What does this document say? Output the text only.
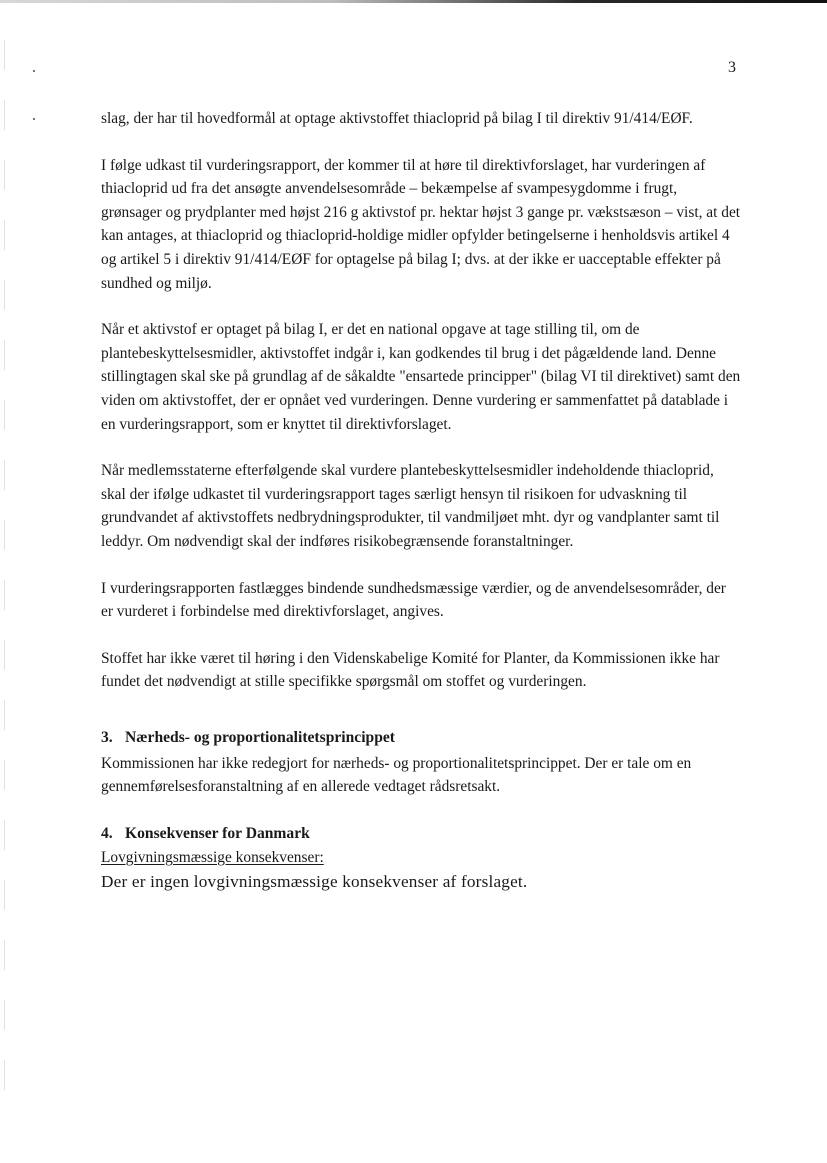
3

slag, der har til hovedformål at optage aktivstoffet thiacloprid på bilag I til direktiv 91/414/EØF.

I følge udkast til vurderingsrapport, der kommer til at høre til direktivforslaget, har vurderingen af thiacloprid ud fra det ansøgte anvendelsesområde – bekæmpelse af svampesygdomme i frugt, grønsager og prydplanter med højst 216 g aktivstof pr. hektar højst 3 gange pr. vækstsæson – vist, at det kan antages, at thiacloprid og thiacloprid-holdige midler opfylder betingelserne i henholdsvis artikel 4 og artikel 5 i direktiv 91/414/EØF for optagelse på bilag I; dvs. at der ikke er uacceptable effekter på sundhed og miljø.

Når et aktivstof er optaget på bilag I, er det en national opgave at tage stilling til, om de plantebeskyttelsesmidler, aktivstoffet indgår i, kan godkendes til brug i det pågældende land. Denne stillingtagen skal ske på grundlag af de såkaldte "ensartede principper" (bilag VI til direktivet) samt den viden om aktivstoffet, der er opnået ved vurderingen. Denne vurdering er sammenfattet på datablade i en vurderingsrapport, som er knyttet til direktivforslaget.

Når medlemsstaterne efterfølgende skal vurdere plantebeskyttelsesmidler indeholdende thiacloprid, skal der ifølge udkastet til vurderingsrapport tages særligt hensyn til risikoen for udvaskning til grundvandet af aktivstoffets nedbrydningsprodukter, til vandmiljøet mht. dyr og vandplanter samt til leddyr. Om nødvendigt skal der indføres risikobegrænsende foranstaltninger.

I vurderingsrapporten fastlægges bindende sundhedsmæssige værdier, og de anvendelsesområder, der er vurderet i forbindelse med direktivforslaget, angives.

Stoffet har ikke været til høring i den Videnskabelige Komité for Planter, da Kommissionen ikke har fundet det nødvendigt at stille specifikke spørgsmål om stoffet og vurderingen.

3. Nærheds- og proportionalitetsprincippet

Kommissionen har ikke redegjort for nærheds- og proportionalitetsprincippet. Der er tale om en gennemførelsesforanstaltning af en allerede vedtaget rådsretsakt.

4. Konsekvenser for Danmark

Lovgivningsmæssige konsekvenser:

Der er ingen lovgivningsmæssige konsekvenser af forslaget.
